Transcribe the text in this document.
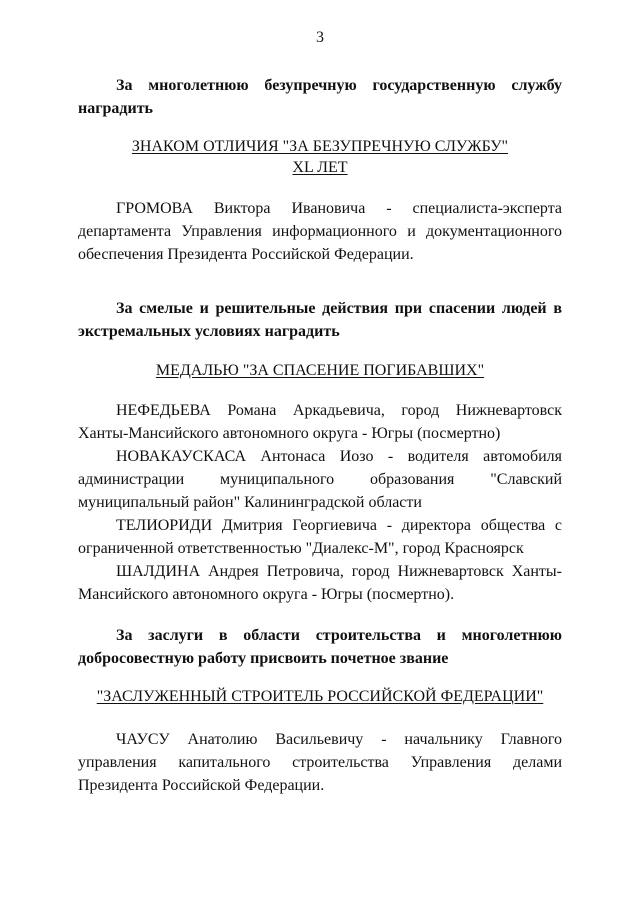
3
За многолетнюю безупречную государственную службу наградить
ЗНАКОМ ОТЛИЧИЯ "ЗА БЕЗУПРЕЧНУЮ СЛУЖБУ"
XL ЛЕТ
ГРОМОВА Виктора Ивановича - специалиста-эксперта департамента Управления информационного и документационного обеспечения Президента Российской Федерации.
За смелые и решительные действия при спасении людей в экстремальных условиях наградить
МЕДАЛЬЮ "ЗА СПАСЕНИЕ ПОГИБАВШИХ"
НЕФЕДЬЕВА Романа Аркадьевича, город Нижневартовск Ханты-Мансийского автономного округа - Югры (посмертно)
НОВАКАУСКАСА Антонаса Иозо - водителя автомобиля администрации муниципального образования "Славский муниципальный район" Калининградской области
ТЕЛИОРИДИ Дмитрия Георгиевича - директора общества с ограниченной ответственностью "Диалекс-М", город Красноярск
ШАЛДИНА Андрея Петровича, город Нижневартовск Ханты-Мансийского автономного округа - Югры (посмертно).
За заслуги в области строительства и многолетнюю добросовестную работу присвоить почетное звание
"ЗАСЛУЖЕННЫЙ СТРОИТЕЛЬ РОССИЙСКОЙ ФЕДЕРАЦИИ"
ЧАУСУ Анатолию Васильевичу - начальнику Главного управления капитального строительства Управления делами Президента Российской Федерации.
